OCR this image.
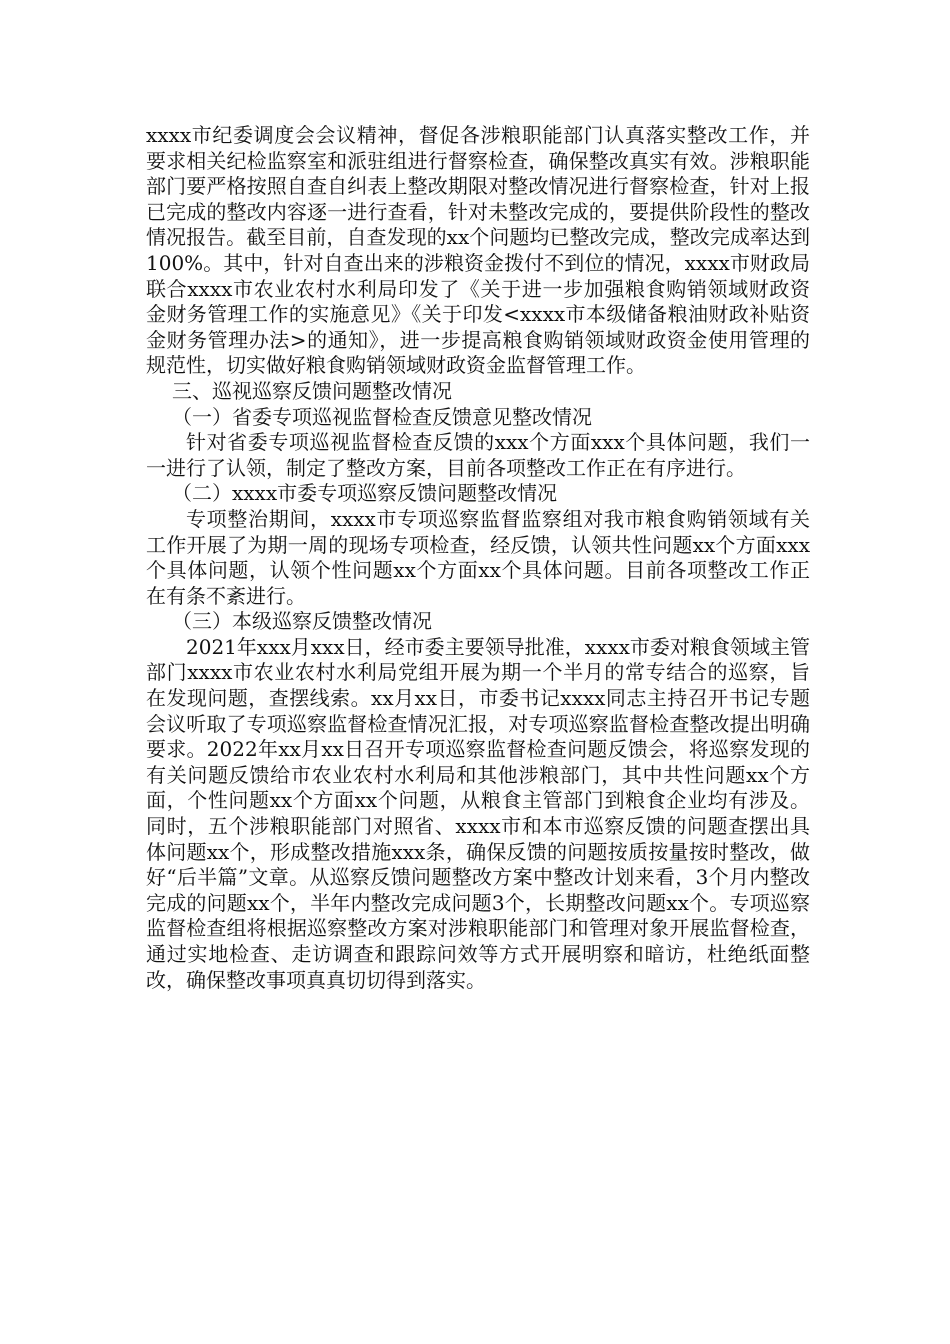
xxxx市纪委调度会会议精神，督促各涉粮职能部门认真落实整改工作，并要求相关纪检监察室和派驻组进行督察检查，确保整改真实有效。涉粮职能部门要严格按照自查自纠表上整改期限对整改情况进行督察检查，针对上报已完成的整改内容逐一进行查看，针对未整改完成的，要提供阶段性的整改情况报告。截至目前，自查发现的xx个问题均已整改完成，整改完成率达到100%。其中，针对自查出来的涉粮资金拨付不到位的情况，xxxx市财政局联合xxxx市农业农村水利局印发了《关于进一步加强粮食购销领域财政资金财务管理工作的实施意见》《关于印发<xxxx市本级储备粮油财政补贴资金财务管理办法>的通知》，进一步提高粮食购销领域财政资金使用管理的规范性，切实做好粮食购销领域财政资金监督管理工作。

三、巡视巡察反馈问题整改情况

（一）省委专项巡视监督检查反馈意见整改情况

针对省委专项巡视监督检查反馈的xxx个方面xxx个具体问题，我们一一进行了认领，制定了整改方案，目前各项整改工作正在有序进行。

（二）xxxx市委专项巡察反馈问题整改情况

专项整治期间，xxxx市专项巡察监督监察组对我市粮食购销领域有关工作开展了为期一周的现场专项检查，经反馈，认领共性问题xx个方面xxx个具体问题，认领个性问题xx个方面xx个具体问题。目前各项整改工作正在有条不紊进行。

（三）本级巡察反馈整改情况

2021年xxx月xxx日，经市委主要领导批准，xxxx市委对粮食领域主管部门xxxx市农业农村水利局党组开展为期一个半月的常专结合的巡察，旨在发现问题，查摆线索。xx月xx日，市委书记xxxx同志主持召开书记专题会议听取了专项巡察监督检查情况汇报，对专项巡察监督检查整改提出明确要求。2022年xx月xx日召开专项巡察监督检查问题反馈会，将巡察发现的有关问题反馈给市农业农村水利局和其他涉粮部门，其中共性问题xx个方面，个性问题xx个方面xx个问题，从粮食主管部门到粮食企业均有涉及。同时，五个涉粮职能部门对照省、xxxx市和本市巡察反馈的问题查摆出具体问题xx个，形成整改措施xxx条，确保反馈的问题按质按量按时整改，做好“后半篇”文章。从巡察反馈问题整改方案中整改计划来看，3个月内整改完成的问题xx个，半年内整改完成问题3个，长期整改问题xx个。专项巡察监督检查组将根据巡察整改方案对涉粮职能部门和管理对象开展监督检查，通过实地检查、走访调查和跟踪问效等方式开展明察和暗访，杜绝纸面整改，确保整改事项真真切切得到落实。
